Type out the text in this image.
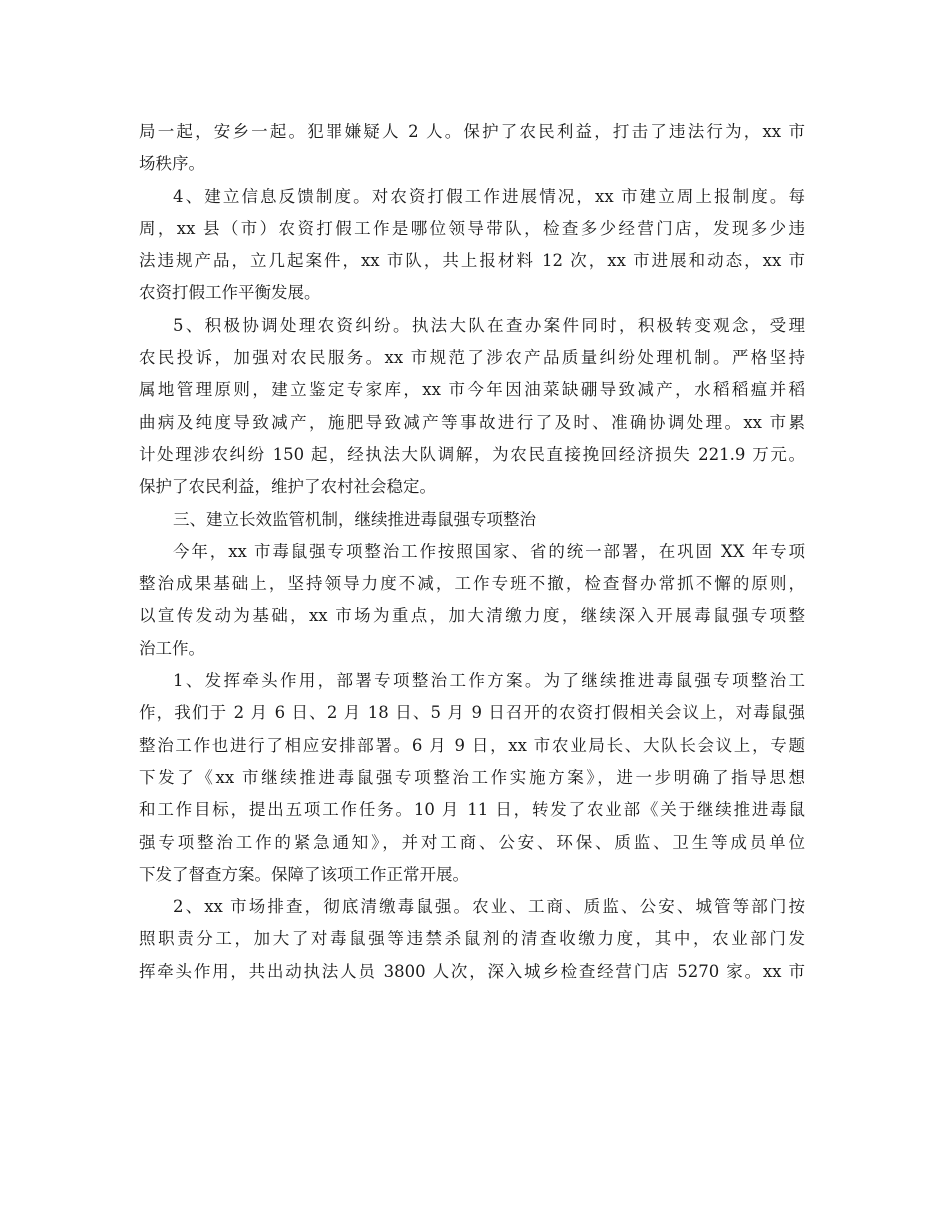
局一起，安乡一起。犯罪嫌疑人 2 人。保护了农民利益，打击了违法行为，xx 市
场秩序。
4、建立信息反馈制度。对农资打假工作进展情况，xx 市建立周上报制度。每
周，xx 县（市）农资打假工作是哪位领导带队，检查多少经营门店，发现多少违
法违规产品，立几起案件，xx 市队，共上报材料 12 次，xx 市进展和动态，xx 市
农资打假工作平衡发展。
5、积极协调处理农资纠纷。执法大队在查办案件同时，积极转变观念，受理
农民投诉，加强对农民服务。xx 市规范了涉农产品质量纠纷处理机制。严格坚持
属地管理原则，建立鉴定专家库，xx 市今年因油菜缺硼导致减产，水稻稻瘟并稻
曲病及纯度导致减产，施肥导致减产等事故进行了及时、准确协调处理。xx 市累
计处理涉农纠纷 150 起，经执法大队调解，为农民直接挽回经济损失 221.9 万元。
保护了农民利益，维护了农村社会稳定。
三、建立长效监管机制，继续推进毒鼠强专项整治
今年，xx 市毒鼠强专项整治工作按照国家、省的统一部署，在巩固 XX 年专项
整治成果基础上，坚持领导力度不减，工作专班不撤，检查督办常抓不懈的原则，
以宣传发动为基础，xx 市场为重点，加大清缴力度，继续深入开展毒鼠强专项整
治工作。
1、发挥牵头作用，部署专项整治工作方案。为了继续推进毒鼠强专项整治工
作，我们于 2 月 6 日、2 月 18 日、5 月 9 日召开的农资打假相关会议上，对毒鼠强
整治工作也进行了相应安排部署。6 月 9 日，xx 市农业局长、大队长会议上，专题
下发了《xx 市继续推进毒鼠强专项整治工作实施方案》，进一步明确了指导思想
和工作目标，提出五项工作任务。10 月 11 日，转发了农业部《关于继续推进毒鼠
强专项整治工作的紧急通知》，并对工商、公安、环保、质监、卫生等成员单位
下发了督查方案。保障了该项工作正常开展。
2、xx 市场排查，彻底清缴毒鼠强。农业、工商、质监、公安、城管等部门按
照职责分工，加大了对毒鼠强等违禁杀鼠剂的清查收缴力度，其中，农业部门发
挥牵头作用，共出动执法人员 3800 人次，深入城乡检查经营门店 5270 家。xx 市
